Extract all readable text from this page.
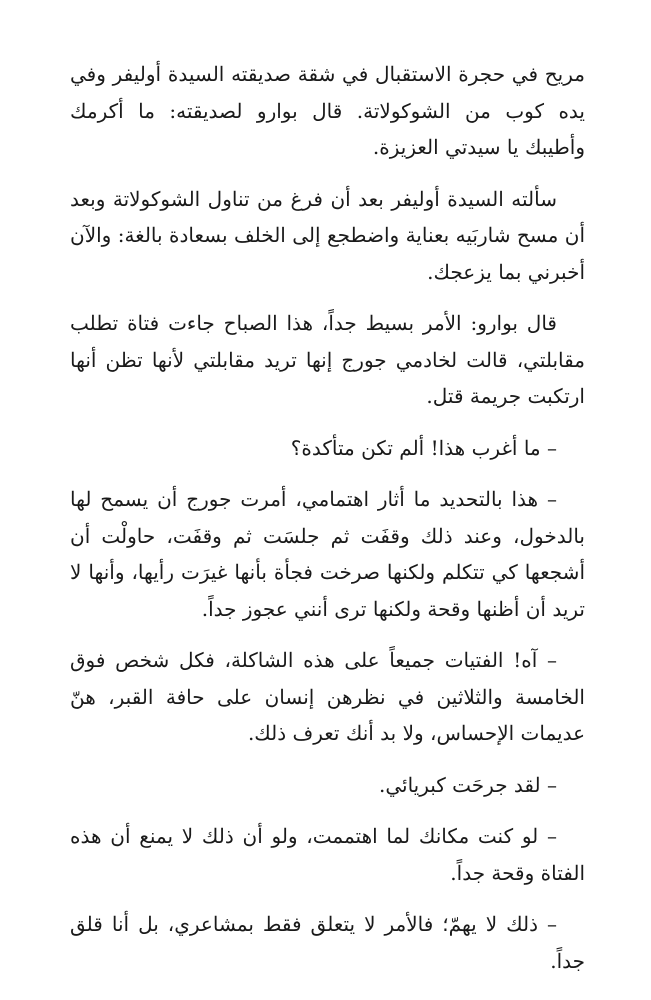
مريح في حجرة الاستقبال في شقة صديقته السيدة أوليفر وفي يده كوب من الشوكولاتة. قال بوارو لصديقته: ما أكرمك وأطيبك يا سيدتي العزيزة.

سألته السيدة أوليفر بعد أن فرغ من تناول الشوكولاتة وبعد أن مسح شاربَيه بعناية واضطجع إلى الخلف بسعادة بالغة: والآن أخبرني بما يزعجك.

قال بوارو: الأمر بسيط جداً، هذا الصباح جاءت فتاة تطلب مقابلتي، قالت لخادمي جورج إنها تريد مقابلتي لأنها تظن أنها ارتكبت جريمة قتل.

– ما أغرب هذا! ألم تكن متأكدة؟

– هذا بالتحديد ما أثار اهتمامي، أمرت جورج أن يسمح لها بالدخول، وعند ذلك وقفَت ثم جلسَت ثم وقفَت، حاولْت أن أشجعها كي تتكلم ولكنها صرخت فجأة بأنها غيرَت رأيها، وأنها لا تريد أن أظنها وقحة ولكنها ترى أنني عجوز جداً.

– آه! الفتيات جميعاً على هذه الشاكلة، فكل شخص فوق الخامسة والثلاثين في نظرهن إنسان على حافة القبر، هنّ عديمات الإحساس، ولا بد أنك تعرف ذلك.

– لقد جرحَت كبريائي.

– لو كنت مكانك لما اهتممت، ولو أن ذلك لا يمنع أن هذه الفتاة وقحة جداً.

– ذلك لا يهمّ؛ فالأمر لا يتعلق فقط بمشاعري، بل أنا قلق جداً.
